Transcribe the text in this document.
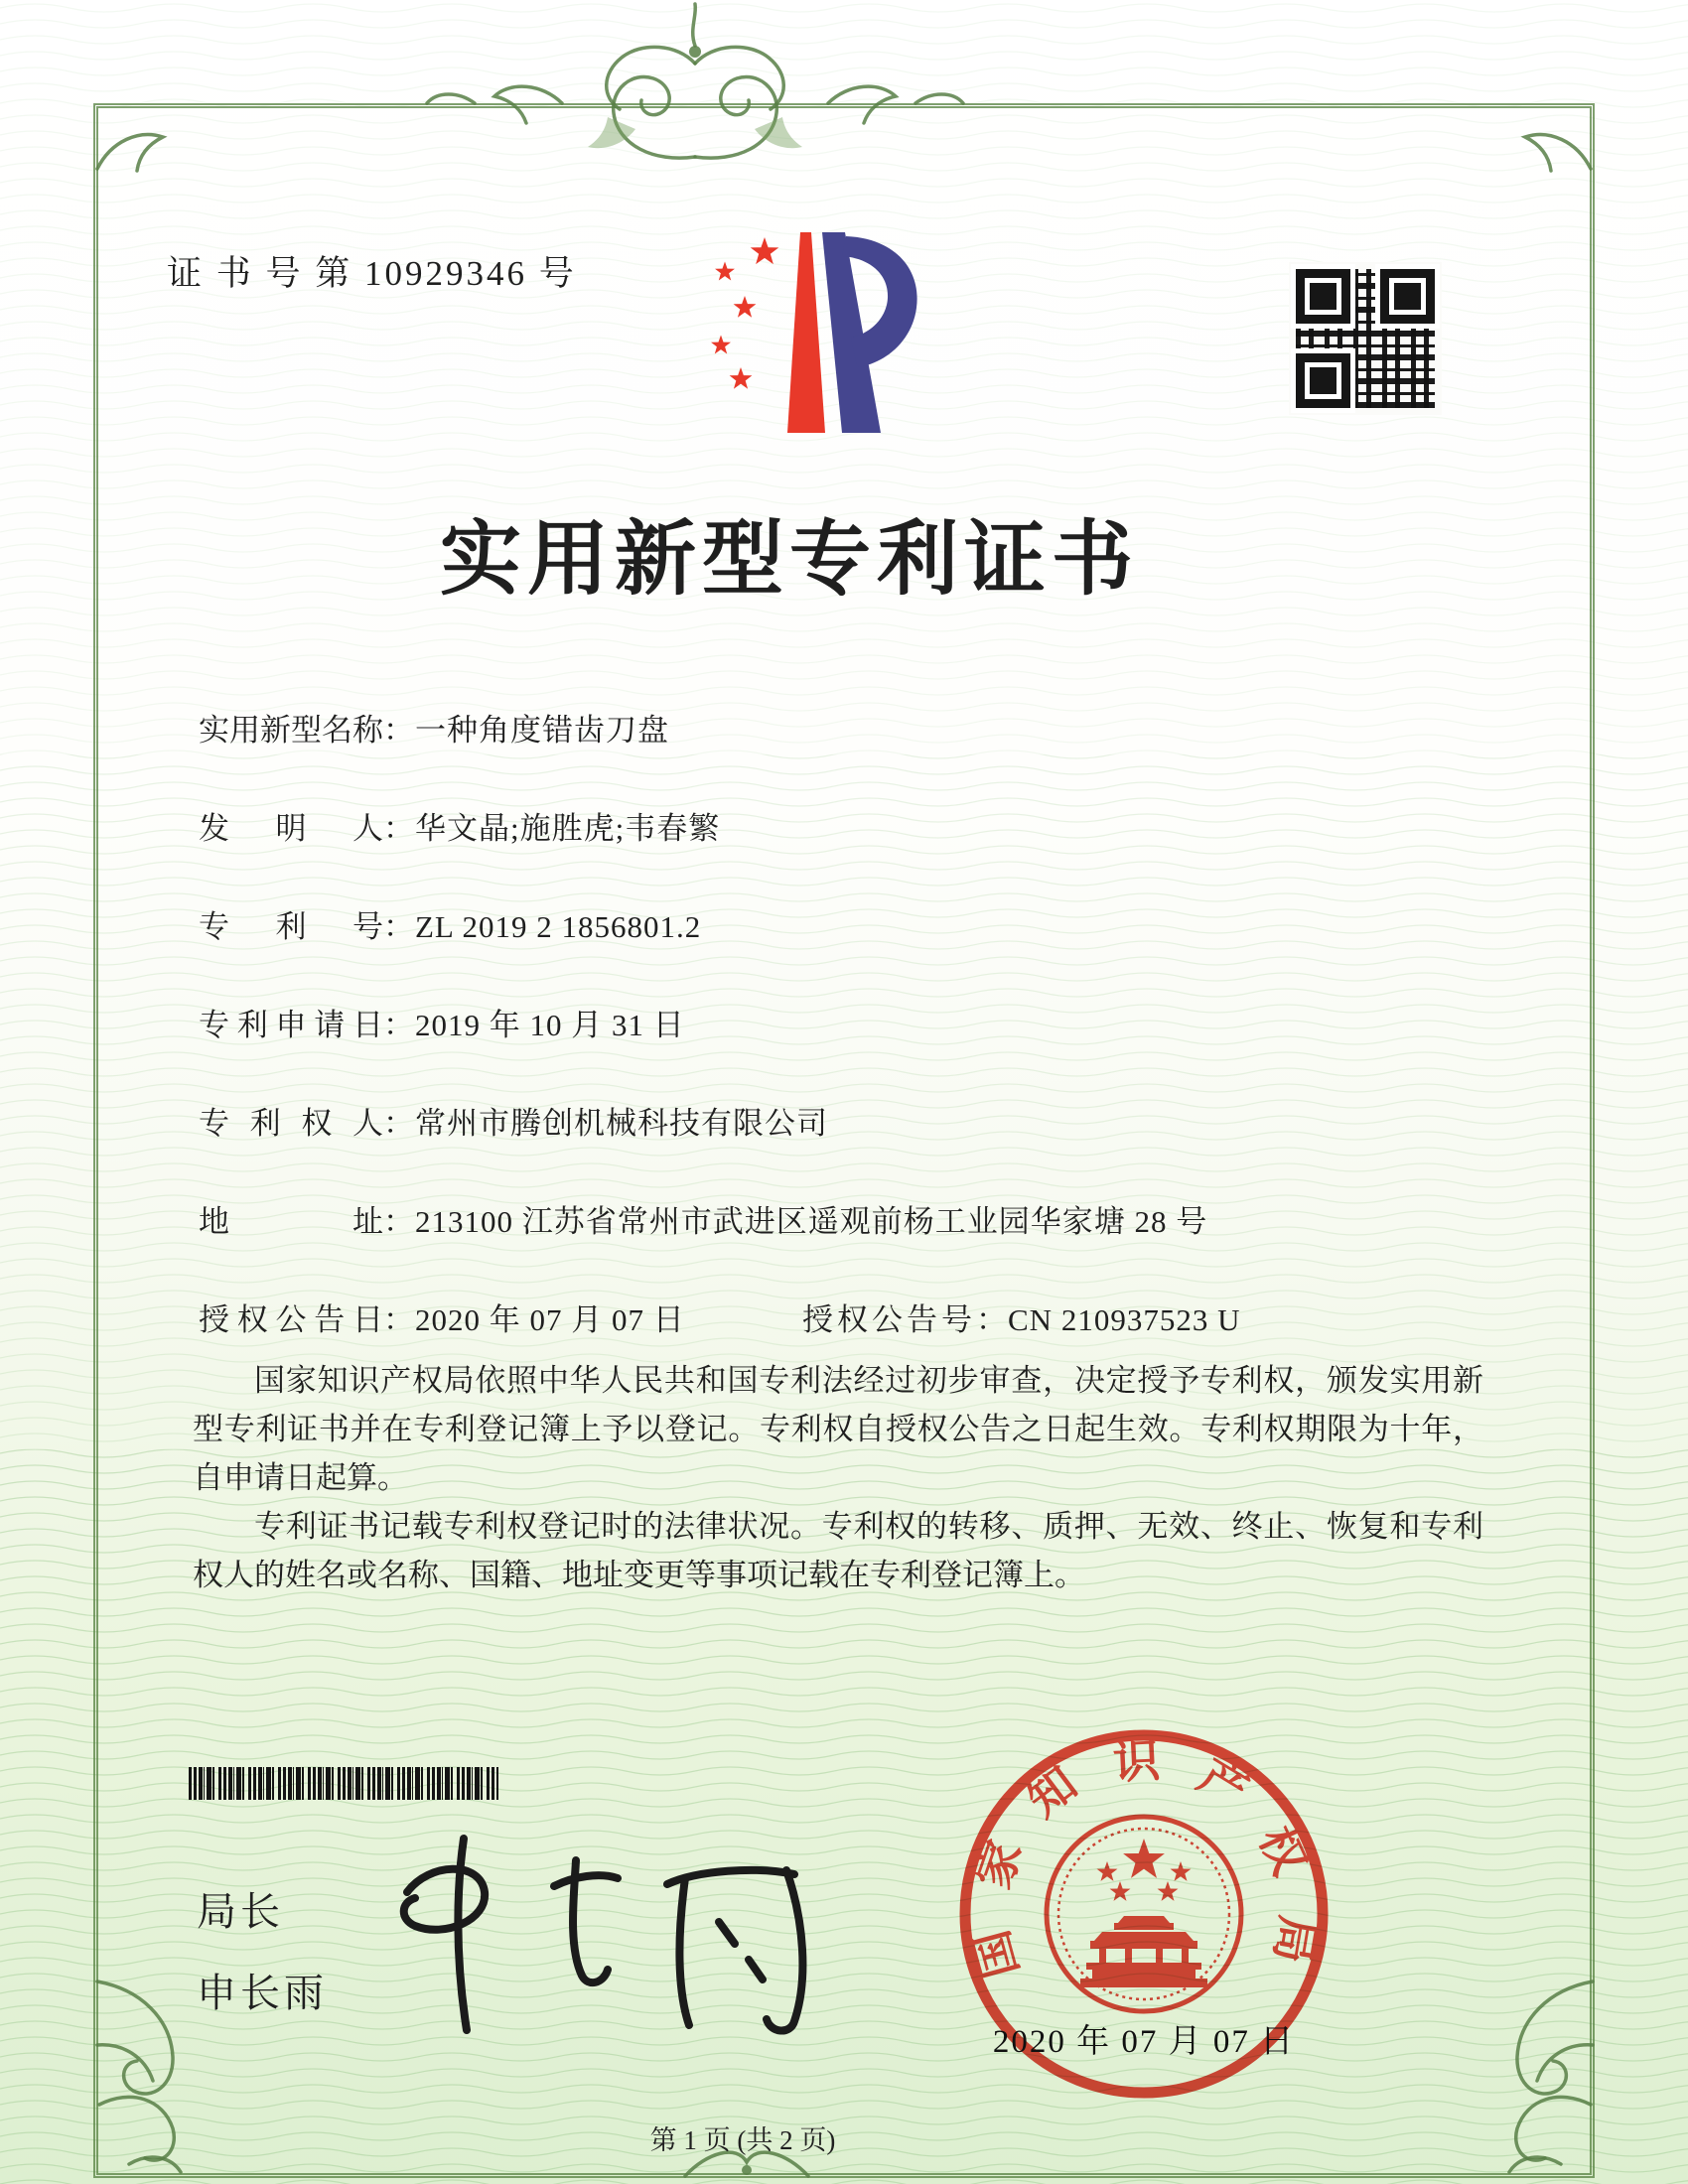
证 书 号 第 10929346 号
实用新型专利证书
实用新型名称：一种角度错齿刀盘
发明人：华文晶;施胜虎;韦春繁
专利号：ZL 2019 2 1856801.2
专利申请日：2019 年 10 月 31 日
专利权人：常州市腾创机械科技有限公司
地址：213100 江苏省常州市武进区遥观前杨工业园华家塘 28 号
授权公告日：2020 年 07 月 07 日	授权公告号：CN 210937523 U

国家知识产权局依照中华人民共和国专利法经过初步审查，决定授予专利权，颁发实用新型专利证书并在专利登记簿上予以登记。专利权自授权公告之日起生效。专利权期限为十年，自申请日起算。

专利证书记载专利权登记时的法律状况。专利权的转移、质押、无效、终止、恢复和专利权人的姓名或名称、国籍、地址变更等事项记载在专利登记簿上。

局长
申长雨
国家知识产权局
2020 年 07 月 07 日
第 1 页 (共 2 页)
